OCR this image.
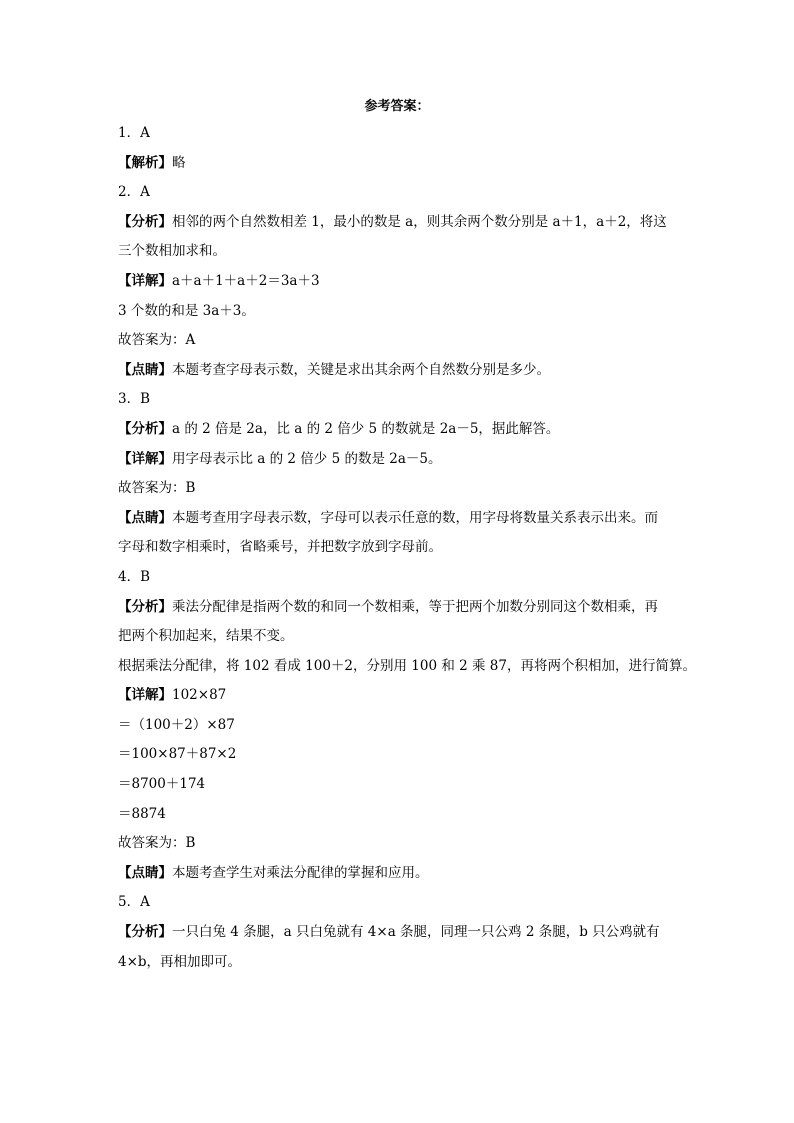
参考答案：
1．A
【解析】略
2．A
【分析】相邻的两个自然数相差 1，最小的数是 a，则其余两个数分别是 a＋1，a＋2，将这
三个数相加求和。
【详解】a＋a＋1＋a＋2＝3a＋3
3 个数的和是 3a＋3。
故答案为：A
【点睛】本题考查字母表示数，关键是求出其余两个自然数分别是多少。
3．B
【分析】a 的 2 倍是 2a，比 a 的 2 倍少 5 的数就是 2a－5，据此解答。
【详解】用字母表示比 a 的 2 倍少 5 的数是 2a－5。
故答案为：B
【点睛】本题考查用字母表示数，字母可以表示任意的数，用字母将数量关系表示出来。而
字母和数字相乘时，省略乘号，并把数字放到字母前。
4．B
【分析】乘法分配律是指两个数的和同一个数相乘，等于把两个加数分别同这个数相乘，再
把两个积加起来，结果不变。
根据乘法分配律，将 102 看成 100＋2，分别用 100 和 2 乘 87，再将两个积相加，进行简算。
【详解】102×87
＝（100＋2）×87
＝100×87＋87×2
＝8700＋174
＝8874
故答案为：B
【点睛】本题考查学生对乘法分配律的掌握和应用。
5．A
【分析】一只白兔 4 条腿，a 只白兔就有 4×a 条腿，同理一只公鸡 2 条腿，b 只公鸡就有
4×b，再相加即可。
